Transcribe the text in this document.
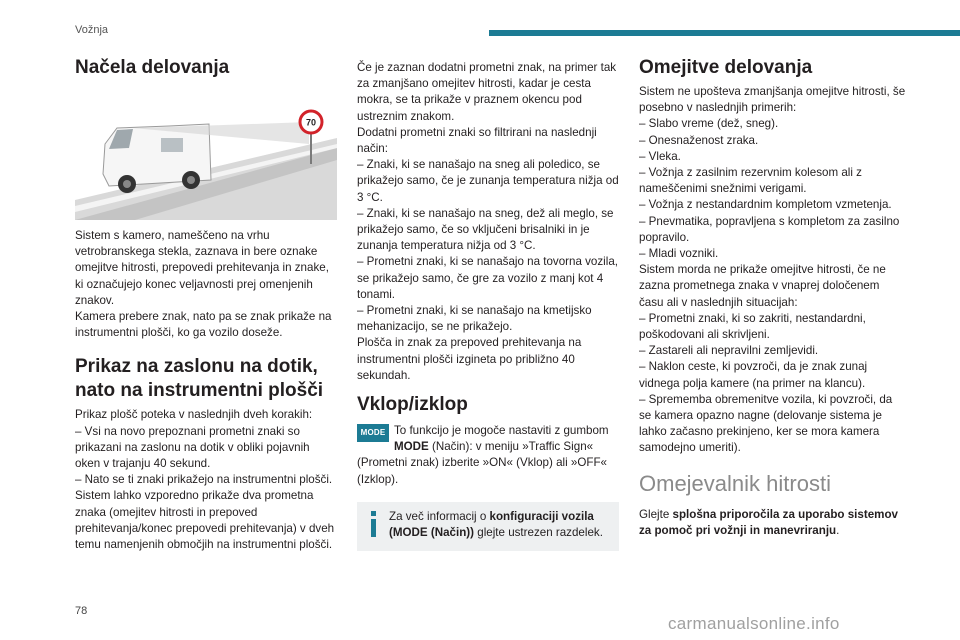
Vožnja
Načela delovanja
70

Sistem s kamero, nameščeno na vrhu vetrobranskega stekla, zaznava in bere oznake omejitve hitrosti, prepovedi prehitevanja in znake, ki označujejo konec veljavnosti prej omenjenih znakov.

Kamera prebere znak, nato pa se znak prikaže na instrumentni plošči, ko ga vozilo doseže.

Prikaz na zaslonu na dotik, nato na instrumentni plošči

Prikaz plošč poteka v naslednjih dveh korakih:

– Vsi na novo prepoznani prometni znaki so prikazani na zaslonu na dotik v obliki pojavnih oken v trajanju 40 sekund.

– Nato se ti znaki prikažejo na instrumentni plošči.

Sistem lahko vzporedno prikaže dva prometna znaka (omejitev hitrosti in prepoved prehitevanja/konec prepovedi prehitevanja) v dveh temu namenjenih območjih na instrumentni plošči.

Če je zaznan dodatni prometni znak, na primer tak za zmanjšano omejitev hitrosti, kadar je cesta mokra, se ta prikaže v praznem okencu pod ustreznim znakom.

Dodatni prometni znaki so filtrirani na naslednji način:

– Znaki, ki se nanašajo na sneg ali poledico, se prikažejo samo, če je zunanja temperatura nižja od 3 °C.

– Znaki, ki se nanašajo na sneg, dež ali meglo, se prikažejo samo, če so vključeni brisalniki in je zunanja temperatura nižja od 3 °C.

– Prometni znaki, ki se nanašajo na tovorna vozila, se prikažejo samo, če gre za vozilo z manj kot 4 tonami.

– Prometni znaki, ki se nanašajo na kmetijsko mehanizacijo, se ne prikažejo.

Plošča in znak za prepoved prehitevanja na instrumentni plošči izgineta po približno 40 sekundah.

Vklop/izklop

MODE To funkcijo je mogoče nastaviti z gumbom MODE (Način): v meniju »Traffic Sign« (Prometni znak) izberite »ON« (Vklop) ali »OFF« (Izklop).

Za več informacij o konfiguraciji vozila (MODE (Način)) glejte ustrezen razdelek.

Omejitve delovanja

Sistem ne upošteva zmanjšanja omejitve hitrosti, še posebno v naslednjih primerih:

– Slabo vreme (dež, sneg).

– Onesnaženost zraka.

– Vleka.

– Vožnja z zasilnim rezervnim kolesom ali z nameščenimi snežnimi verigami.

– Vožnja z nestandardnim kompletom vzmetenja.

– Pnevmatika, popravljena s kompletom za zasilno popravilo.

– Mladi vozniki.

Sistem morda ne prikaže omejitve hitrosti, če ne zazna prometnega znaka v vnaprej določenem času ali v naslednjih situacijah:

– Prometni znaki, ki so zakriti, nestandardni, poškodovani ali skrivljeni.

– Zastareli ali nepravilni zemljevidi.

– Naklon ceste, ki povzroči, da je znak zunaj vidnega polja kamere (na primer na klancu).

– Sprememba obremenitve vozila, ki povzroči, da se kamera opazno nagne (delovanje sistema je lahko začasno prekinjeno, ker se mora kamera samodejno umeriti).

Omejevalnik hitrosti

Glejte splošna priporočila za uporabo sistemov za pomoč pri vožnji in manevriranju.

78
carmanualsonline.info
